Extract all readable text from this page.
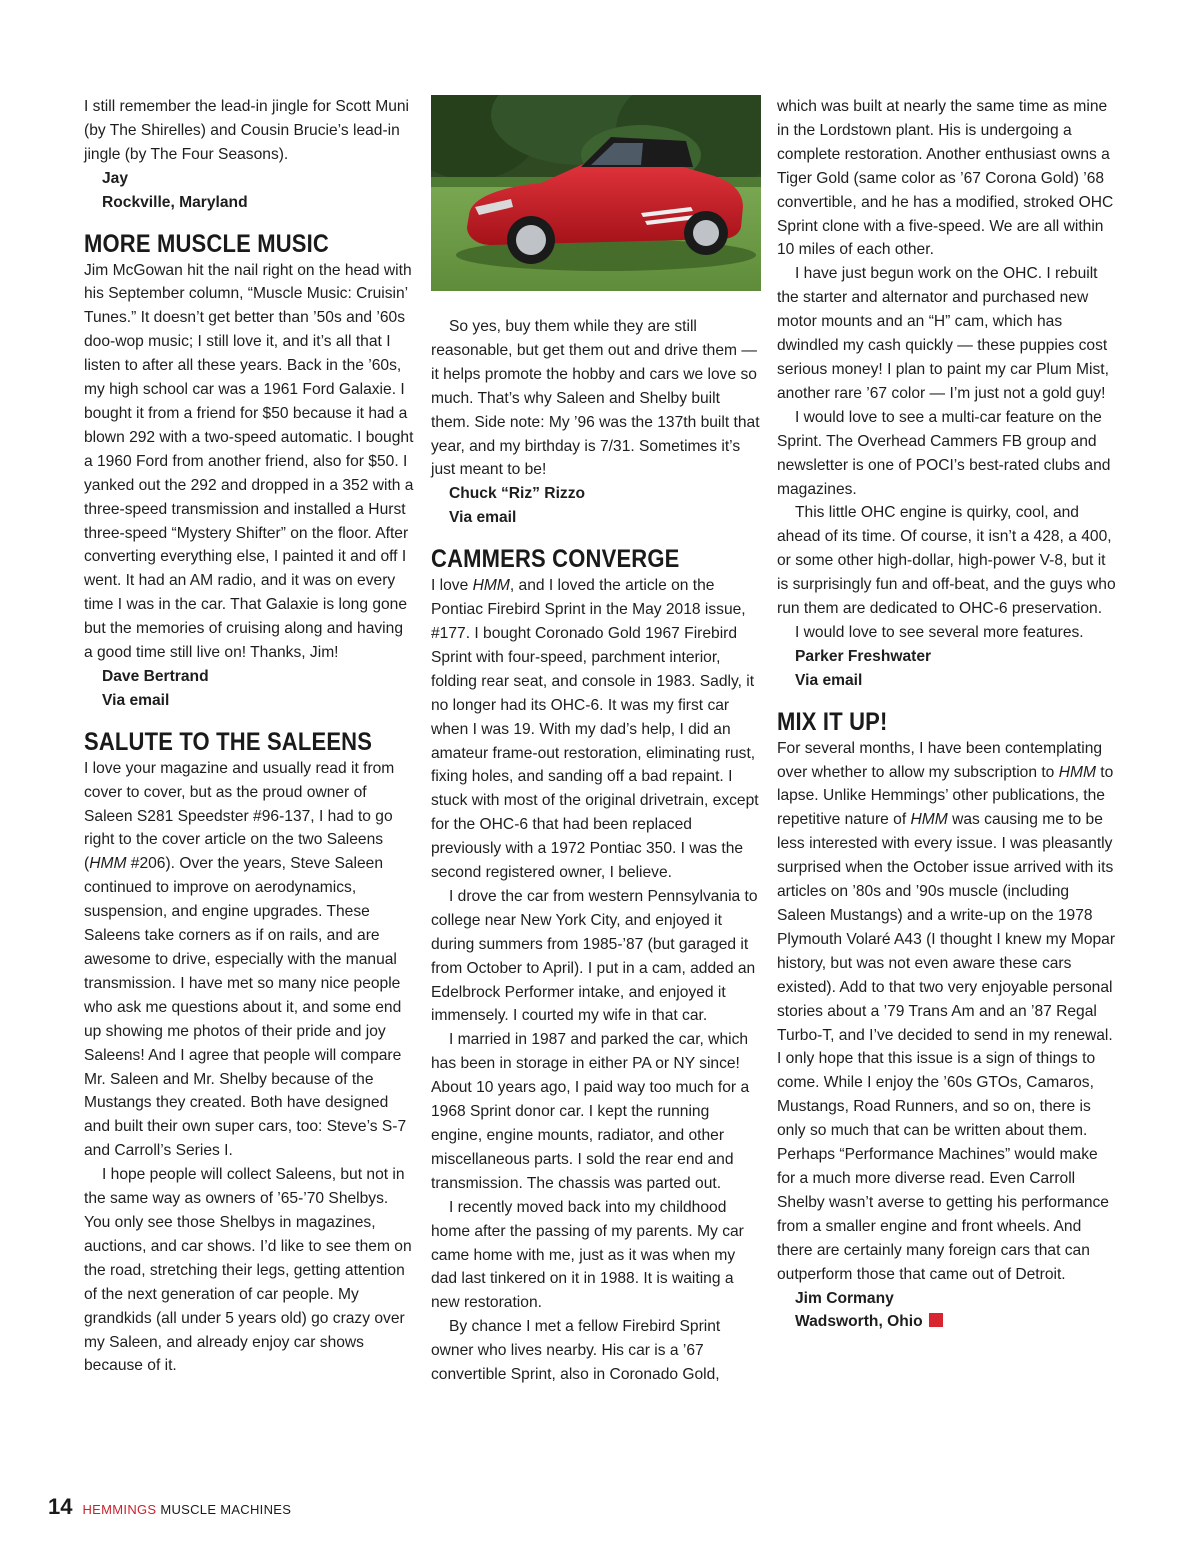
I still remember the lead-in jingle for Scott Muni (by The Shirelles) and Cousin Brucie’s lead-in jingle (by The Four Seasons).

Jay

Rockville, Maryland

MORE MUSCLE MUSIC

Jim McGowan hit the nail right on the head with his September column, “Muscle Music: Cruisin’ Tunes.” It doesn’t get better than ’50s and ’60s doo-wop music; I still love it, and it’s all that I listen to after all these years. Back in the ’60s, my high school car was a 1961 Ford Galaxie. I bought it from a friend for $50 because it had a blown 292 with a two-speed automatic. I bought a 1960 Ford from another friend, also for $50. I yanked out the 292 and dropped in a 352 with a three-speed transmission and installed a Hurst three-speed “Mystery Shifter” on the floor. After converting everything else, I painted it and off I went. It had an AM radio, and it was on every time I was in the car. That Galaxie is long gone but the memories of cruising along and having a good time still live on! Thanks, Jim!

Dave Bertrand

Via email

SALUTE TO THE SALEENS

I love your magazine and usually read it from cover to cover, but as the proud owner of Saleen S281 Speedster #96-137, I had to go right to the cover article on the two Saleens (HMM #206). Over the years, Steve Saleen continued to improve on aerodynamics, suspension, and engine upgrades. These Saleens take corners as if on rails, and are awesome to drive, especially with the manual transmission. I have met so many nice people who ask me questions about it, and some end up showing me photos of their pride and joy Saleens! And I agree that people will compare Mr. Saleen and Mr. Shelby because of the Mustangs they created. Both have designed and built their own super cars, too: Steve’s S-7 and Carroll’s Series I.

I hope people will collect Saleens, but not in the same way as owners of ’65-’70 Shelbys. You only see those Shelbys in magazines, auctions, and car shows. I’d like to see them on the road, stretching their legs, getting attention of the next generation of car people. My grandkids (all under 5 years old) go crazy over my Saleen, and already enjoy car shows because of it.

So yes, buy them while they are still reasonable, but get them out and drive them — it helps promote the hobby and cars we love so much. That’s why Saleen and Shelby built them. Side note: My ’96 was the 137th built that year, and my birthday is 7/31. Sometimes it’s just meant to be!

Chuck “Riz” Rizzo

Via email

CAMMERS CONVERGE

I love HMM, and I loved the article on the Pontiac Firebird Sprint in the May 2018 issue, #177. I bought Coronado Gold 1967 Firebird Sprint with four-speed, parchment interior, folding rear seat, and console in 1983. Sadly, it no longer had its OHC-6. It was my first car when I was 19. With my dad’s help, I did an amateur frame-out restoration, eliminating rust, fixing holes, and sanding off a bad repaint. I stuck with most of the original drivetrain, except for the OHC-6 that had been replaced previously with a 1972 Pontiac 350. I was the second registered owner, I believe.

I drove the car from western Pennsylvania to college near New York City, and enjoyed it during summers from 1985-’87 (but garaged it from October to April). I put in a cam, added an Edelbrock Performer intake, and enjoyed it immensely. I courted my wife in that car.

I married in 1987 and parked the car, which has been in storage in either PA or NY since! About 10 years ago, I paid way too much for a 1968 Sprint donor car. I kept the running engine, engine mounts, radiator, and other miscellaneous parts. I sold the rear end and transmission. The chassis was parted out.

I recently moved back into my childhood home after the passing of my parents. My car came home with me, just as it was when my dad last tinkered on it in 1988. It is waiting a new restoration.

By chance I met a fellow Firebird Sprint owner who lives nearby. His car is a ’67 convertible Sprint, also in Coronado Gold,

which was built at nearly the same time as mine in the Lordstown plant. His is undergoing a complete restoration. Another enthusiast owns a Tiger Gold (same color as ’67 Corona Gold) ’68 convertible, and he has a modified, stroked OHC Sprint clone with a five-speed. We are all within 10 miles of each other.

I have just begun work on the OHC. I rebuilt the starter and alternator and purchased new motor mounts and an “H” cam, which has dwindled my cash quickly — these puppies cost serious money! I plan to paint my car Plum Mist, another rare ’67 color — I’m just not a gold guy!

I would love to see a multi-car feature on the Sprint. The Overhead Cammers FB group and newsletter is one of POCI’s best-rated clubs and magazines.

This little OHC engine is quirky, cool, and ahead of its time. Of course, it isn’t a 428, a 400, or some other high-dollar, high-power V-8, but it is surprisingly fun and off-beat, and the guys who run them are dedicated to OHC-6 preservation.

I would love to see several more features.

Parker Freshwater

Via email

MIX IT UP!

For several months, I have been contemplating over whether to allow my subscription to HMM to lapse. Unlike Hemmings’ other publications, the repetitive nature of HMM was causing me to be less interested with every issue. I was pleasantly surprised when the October issue arrived with its articles on ’80s and ’90s muscle (including Saleen Mustangs) and a write-up on the 1978 Plymouth Volaré A43 (I thought I knew my Mopar history, but was not even aware these cars existed). Add to that two very enjoyable personal stories about a ’79 Trans Am and an ’87 Regal Turbo-T, and I’ve decided to send in my renewal. I only hope that this issue is a sign of things to come. While I enjoy the ’60s GTOs, Camaros, Mustangs, Road Runners, and so on, there is only so much that can be written about them. Perhaps “Performance Machines” would make for a much more diverse read. Even Carroll Shelby wasn’t averse to getting his performance from a smaller engine and front wheels. And there are certainly many foreign cars that can outperform those that came out of Detroit.

Jim Cormany

Wadsworth, Ohio

14 HEMMINGS MUSCLE MACHINES
